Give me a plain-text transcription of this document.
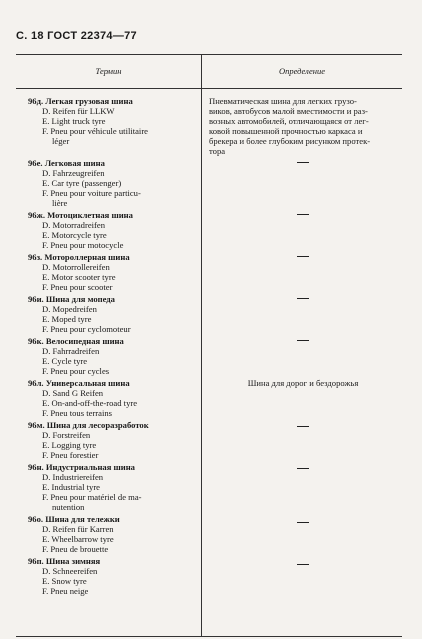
С. 18 ГОСТ 22374—77
Термин	Определение
96д. Легкая грузовая шина
D. Reifen für LLKW
E. Light truck tyre
F. Pneu pour véhicule utilitaire
léger
Пневматическая шина для легких грузо-
виков, автобусов малой вместимости и раз-
возных автомобилей, отличающаяся от лег-
ковой повышенной прочностью каркаса и
брекера и более глубоким рисунком протек-
тора
96е. Легковая шина
D. Fahrzeugreifen
E. Car tyre (passenger)
F. Pneu pour voiture particu-
lière
96ж. Мотоциклетная шина
D. Motorradreifen
E. Motorcycle tyre
F. Pneu pour motocycle
96з. Мотороллерная шина
D. Motorrollereifen
E. Motor scooter tyre
F. Pneu pour scooter
96и. Шина для мопеда
D. Mopedreifen
E. Moped tyre
F. Pneu pour cyclomoteur
96к. Велосипедная шина
D. Fahrradreifen
E. Cycle tyre
F. Pneu pour cycles
96л. Универсальная шина
D. Sand G Reifen
E. On-and-off-the-road tyre
F. Pneu tous terrains
Шина для дорог и бездорожья
96м. Шина для лесоразработок
D. Forstreifen
E. Logging tyre
F. Pneu forestier
96н. Индустриальная шина
D. Industriereifen
E. Industrial tyre
F. Pneu pour matériel de ma-
nutention
96о. Шина для тележки
D. Reifen für Karren
E. Wheelbarrow tyre
F. Pneu de brouette
96п. Шина зимняя
D. Schneereifen
E. Snow tyre
F. Pneu neige
